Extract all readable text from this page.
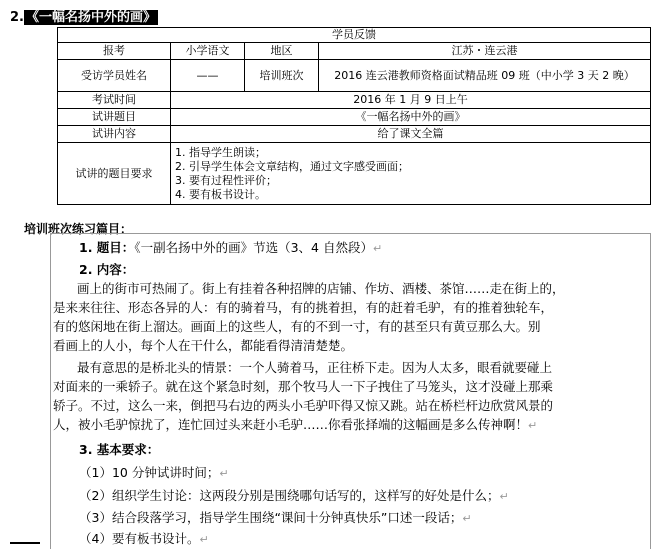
2. 《一幅名扬中外的画》
学员反馈			
报考	小学语文	地区	江苏・连云港
受访学员姓名	——	培训班次	2016 连云港教师资格面试精品班 09 班（中小学 3 天 2 晚）
考试时间	2016 年 1 月 9 日上午		
试讲题目	《一幅名扬中外的画》		
试讲内容	给了课文全篇		
试讲的题目要求	1. 指导学生朗读；
2. 引导学生体会文章结构，通过文字感受画面；
3. 要有过程性评价；
4. 要有板书设计。		
培训班次练习篇目：
1. 题目：《一副名扬中外的画》节选（3、4 自然段）↵
2. 内容：
画上的街市可热闹了。街上有挂着各种招牌的店铺、作坊、酒楼、茶馆……走在街上的，
是来来往往、形态各异的人：有的骑着马，有的挑着担，有的赶着毛驴，有的推着独轮车，
有的悠闲地在街上溜达。画面上的这些人，有的不到一寸，有的甚至只有黄豆那么大。别
看画上的人小，每个人在干什么，都能看得清清楚楚。
最有意思的是桥北头的情景：一个人骑着马，正往桥下走。因为人太多，眼看就要碰上
对面来的一乘轿子。就在这个紧急时刻，那个牧马人一下子拽住了马笼头，这才没碰上那乘
轿子。不过，这么一来，倒把马右边的两头小毛驴吓得又惊又跳。站在桥栏杆边欣赏风景的
人，被小毛驴惊扰了，连忙回过头来赶小毛驴……你看张择端的这幅画是多么传神啊！↵
3. 基本要求：
（1）10 分钟试讲时间；↵
（2）组织学生讨论：这两段分别是围绕哪句话写的，这样写的好处是什么；↵
（3）结合段落学习，指导学生围绕“课间十分钟真快乐”口述一段话；↵
（4）要有板书设计。↵
